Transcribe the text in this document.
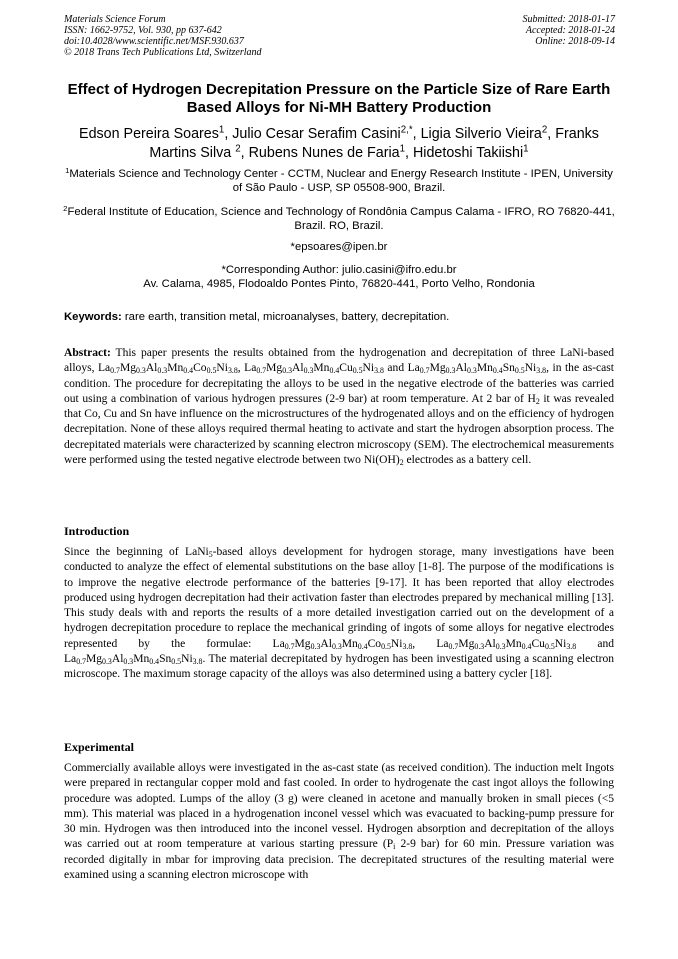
Materials Science Forum
ISSN: 1662-9752, Vol. 930, pp 637-642
doi:10.4028/www.scientific.net/MSF.930.637
© 2018 Trans Tech Publications Ltd, Switzerland
Submitted: 2018-01-17
Accepted: 2018-01-24
Online: 2018-09-14
Effect of Hydrogen Decrepitation Pressure on the Particle Size of Rare Earth Based Alloys for Ni-MH Battery Production
Edson Pereira Soares$^1$, Julio Cesar Serafim Casini$^{2,*}$, Ligia Silverio Vieira$^2$, Franks Martins Silva $^2$, Rubens Nunes de Faria$^1$, Hidetoshi Takiishi$^1$
$^1$Materials Science and Technology Center - CCTM, Nuclear and Energy Research Institute - IPEN, University of São Paulo - USP, SP 05508-900, Brazil.
$^2$Federal Institute of Education, Science and Technology of Rondônia Campus Calama - IFRO, RO 76820-441, Brazil. RO, Brazil.
*epsoares@ipen.br
*Corresponding Author: julio.casini@ifro.edu.br
Av. Calama, 4985, Flodoaldo Pontes Pinto, 76820-441, Porto Velho, Rondonia
Keywords: rare earth, transition metal, microanalyses, battery, decrepitation.
Abstract: This paper presents the results obtained from the hydrogenation and decrepitation of three LaNi-based alloys, $La_{0.7}Mg_{0.3}Al_{0.3}Mn_{0.4}Co_{0.5}Ni_{3.8}$, $La_{0.7}Mg_{0.3}Al_{0.3}Mn_{0.4}Cu_{0.5}Ni_{3.8}$ and $La_{0.7}Mg_{0.3}Al_{0.3}Mn_{0.4}Sn_{0.5}Ni_{3.8}$, in the as-cast condition. The procedure for decrepitating the alloys to be used in the negative electrode of the batteries was carried out using a combination of various hydrogen pressures (2-9 bar) at room temperature. At 2 bar of $H_2$ it was revealed that Co, Cu and Sn have influence on the microstructures of the hydrogenated alloys and on the efficiency of hydrogen decrepitation. None of these alloys required thermal heating to activate and start the hydrogen absorption process. The decrepitated materials were characterized by scanning electron microscopy (SEM). The electrochemical measurements were performed using the tested negative electrode between two $Ni(OH)_2$ electrodes as a battery cell.
Introduction
Since the beginning of LaNi$_5$-based alloys development for hydrogen storage, many investigations have been conducted to analyze the effect of elemental substitutions on the base alloy [1-8]. The purpose of the modifications is to improve the negative electrode performance of the batteries [9-17]. It has been reported that alloy electrodes produced using hydrogen decrepitation had their activation faster than electrodes prepared by mechanical milling [13]. This study deals with and reports the results of a more detailed investigation carried out on the development of a hydrogen decrepitation procedure to replace the mechanical grinding of ingots of some alloys for negative electrodes represented by the formulae: $La_{0.7}Mg_{0.3}Al_{0.3}Mn_{0.4}Co_{0.5}Ni_{3.8}$, $La_{0.7}Mg_{0.3}Al_{0.3}Mn_{0.4}Cu_{0.5}Ni_{3.8}$ and $La_{0.7}Mg_{0.3}Al_{0.3}Mn_{0.4}Sn_{0.5}Ni_{3.8}$. The material decrepitated by hydrogen has been investigated using a scanning electron microscope. The maximum storage capacity of the alloys was also determined using a battery cycler [18].
Experimental
Commercially available alloys were investigated in the as-cast state (as received condition). The induction melt Ingots were prepared in rectangular copper mold and fast cooled. In order to hydrogenate the cast ingot alloys the following procedure was adopted. Lumps of the alloy (3 g) were cleaned in acetone and manually broken in small pieces (<5 mm). This material was placed in a hydrogenation inconel vessel which was evacuated to backing-pump pressure for 30 min. Hydrogen was then introduced into the inconel vessel. Hydrogen absorption and decrepitation of the alloys was carried out at room temperature at various starting pressure ($P_i$ 2-9 bar) for 60 min. Pressure variation was recorded digitally in mbar for improving data precision. The decrepitated structures of the resulting material were examined using a scanning electron microscope with
